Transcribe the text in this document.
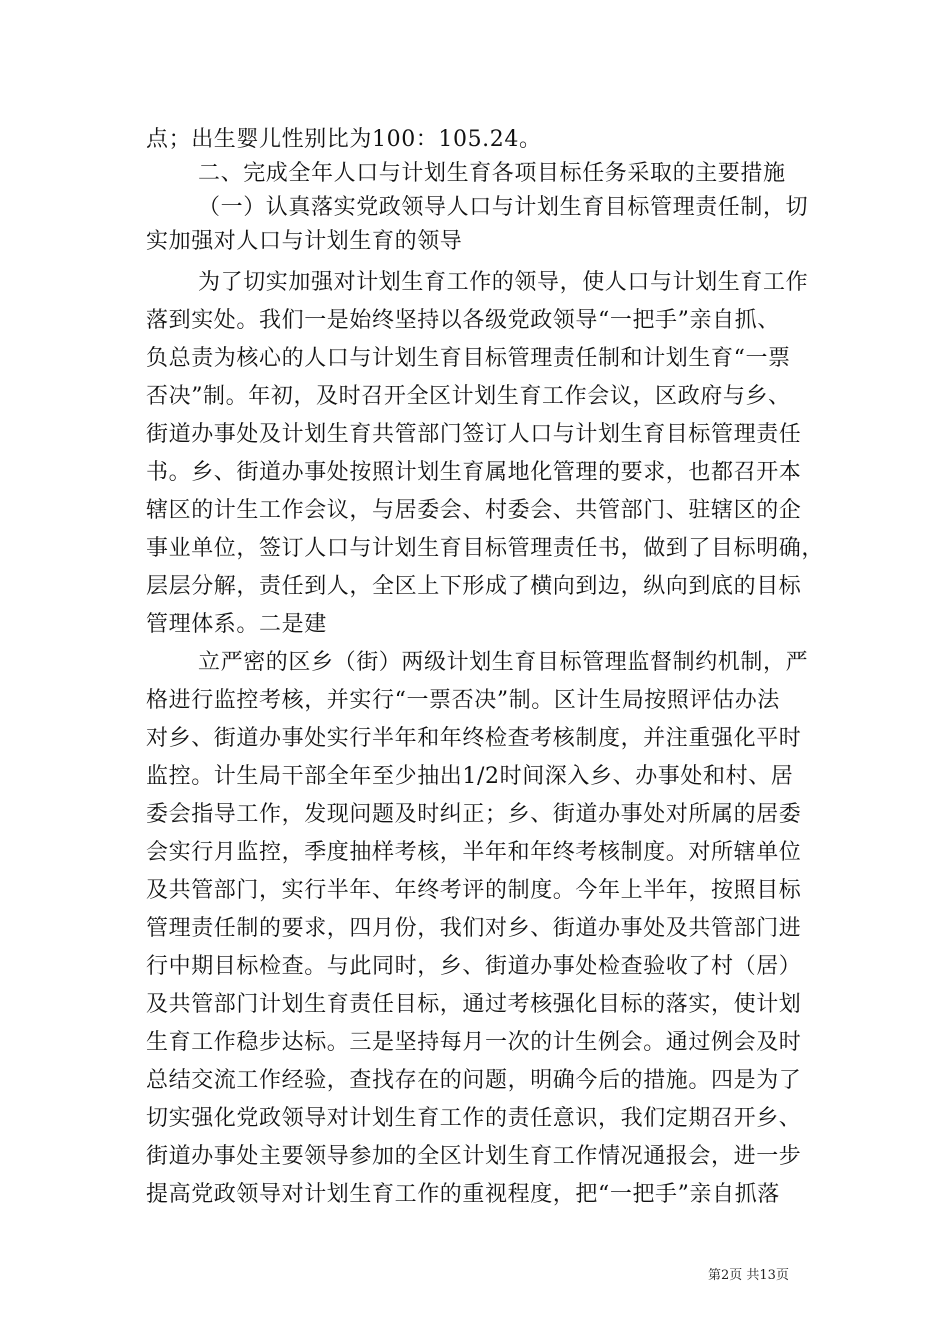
点；出生婴儿性别比为100：105.24。
二、完成全年人口与计划生育各项目标任务采取的主要措施
（一）认真落实党政领导人口与计划生育目标管理责任制，切
实加强对人口与计划生育的领导
为了切实加强对计划生育工作的领导，使人口与计划生育工作
落到实处。我们一是始终坚持以各级党政领导“一把手”亲自抓、
负总责为核心的人口与计划生育目标管理责任制和计划生育“一票
否决”制。年初，及时召开全区计划生育工作会议，区政府与乡、
街道办事处及计划生育共管部门签订人口与计划生育目标管理责任
书。乡、街道办事处按照计划生育属地化管理的要求，也都召开本
辖区的计生工作会议，与居委会、村委会、共管部门、驻辖区的企
事业单位，签订人口与计划生育目标管理责任书，做到了目标明确，
层层分解，责任到人，全区上下形成了横向到边，纵向到底的目标
管理体系。二是建
立严密的区乡（街）两级计划生育目标管理监督制约机制，严
格进行监控考核，并实行“一票否决”制。区计生局按照评估办法
对乡、街道办事处实行半年和年终检查考核制度，并注重强化平时
监控。计生局干部全年至少抽出1/2时间深入乡、办事处和村、居
委会指导工作，发现问题及时纠正；乡、街道办事处对所属的居委
会实行月监控，季度抽样考核，半年和年终考核制度。对所辖单位
及共管部门，实行半年、年终考评的制度。今年上半年，按照目标
管理责任制的要求，四月份，我们对乡、街道办事处及共管部门进
行中期目标检查。与此同时，乡、街道办事处检查验收了村（居）
及共管部门计划生育责任目标，通过考核强化目标的落实，使计划
生育工作稳步达标。三是坚持每月一次的计生例会。通过例会及时
总结交流工作经验，查找存在的问题，明确今后的措施。四是为了
切实强化党政领导对计划生育工作的责任意识，我们定期召开乡、
街道办事处主要领导参加的全区计划生育工作情况通报会，进一步
提高党政领导对计划生育工作的重视程度，把“一把手”亲自抓落
第2页 共13页
